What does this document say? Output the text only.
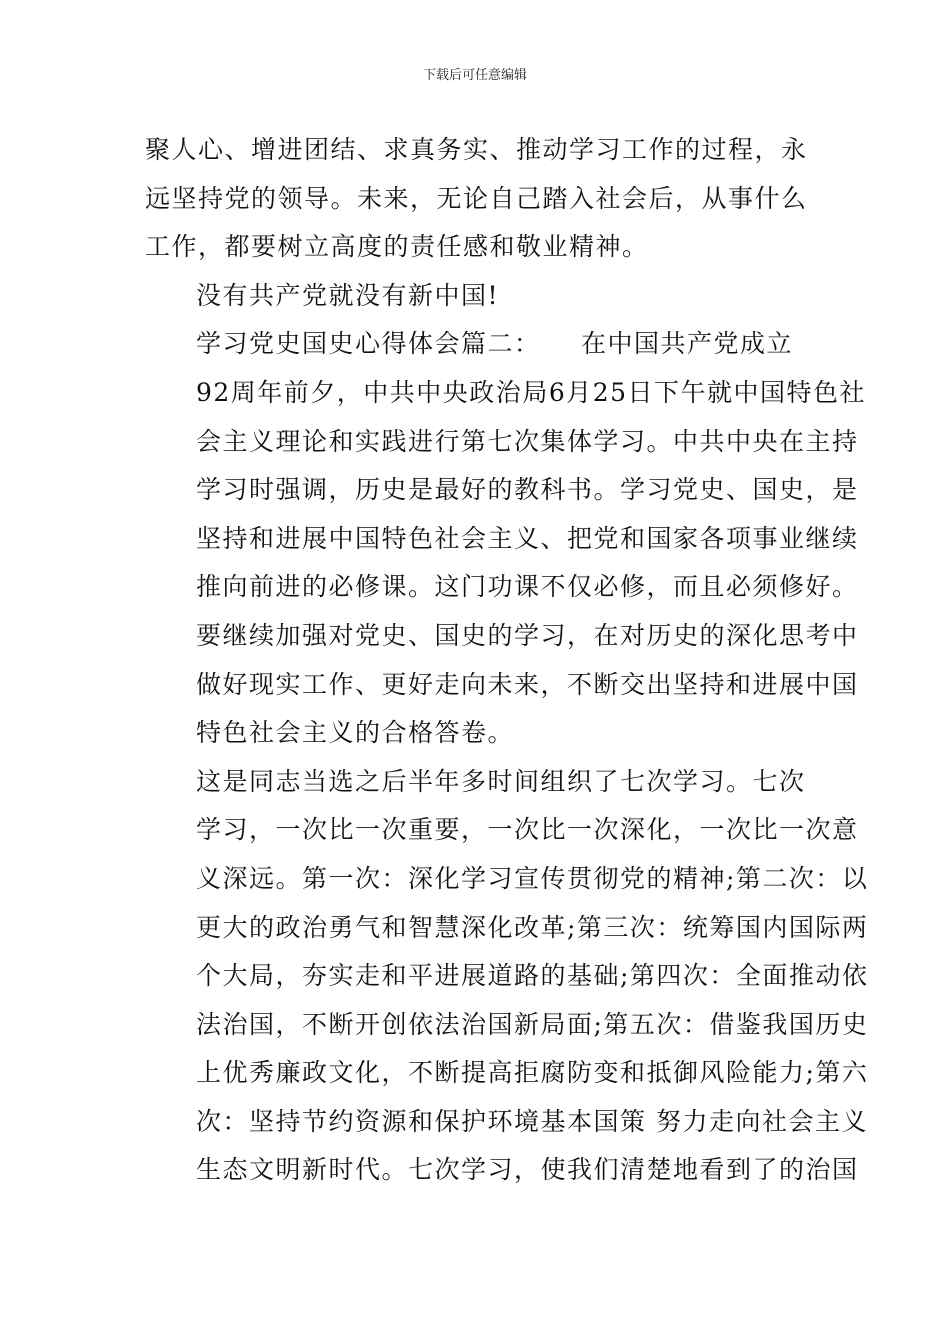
下载后可任意编辑

聚人心、增进团结、求真务实、推动学习工作的过程，永
远坚持党的领导。未来，无论自己踏入社会后，从事什么
工作，都要树立高度的责任感和敬业精神。

没有共产党就没有新中国!

学习党史国史心得体会篇二：　　在中国共产党成立
92周年前夕，中共中央政治局6月25日下午就中国特色社
会主义理论和实践进行第七次集体学习。中共中央在主持
学习时强调，历史是最好的教科书。学习党史、国史，是
坚持和进展中国特色社会主义、把党和国家各项事业继续
推向前进的必修课。这门功课不仅必修，而且必须修好。
要继续加强对党史、国史的学习，在对历史的深化思考中
做好现实工作、更好走向未来，不断交出坚持和进展中国
特色社会主义的合格答卷。

这是同志当选之后半年多时间组织了七次学习。七次
学习，一次比一次重要，一次比一次深化，一次比一次意
义深远。第一次：深化学习宣传贯彻党的精神;第二次：以
更大的政治勇气和智慧深化改革;第三次：统筹国内国际两
个大局，夯实走和平进展道路的基础;第四次：全面推动依
法治国，不断开创依法治国新局面;第五次：借鉴我国历史
上优秀廉政文化，不断提高拒腐防变和抵御风险能力;第六
次：坚持节约资源和保护环境基本国策 努力走向社会主义
生态文明新时代。七次学习，使我们清楚地看到了的治国
